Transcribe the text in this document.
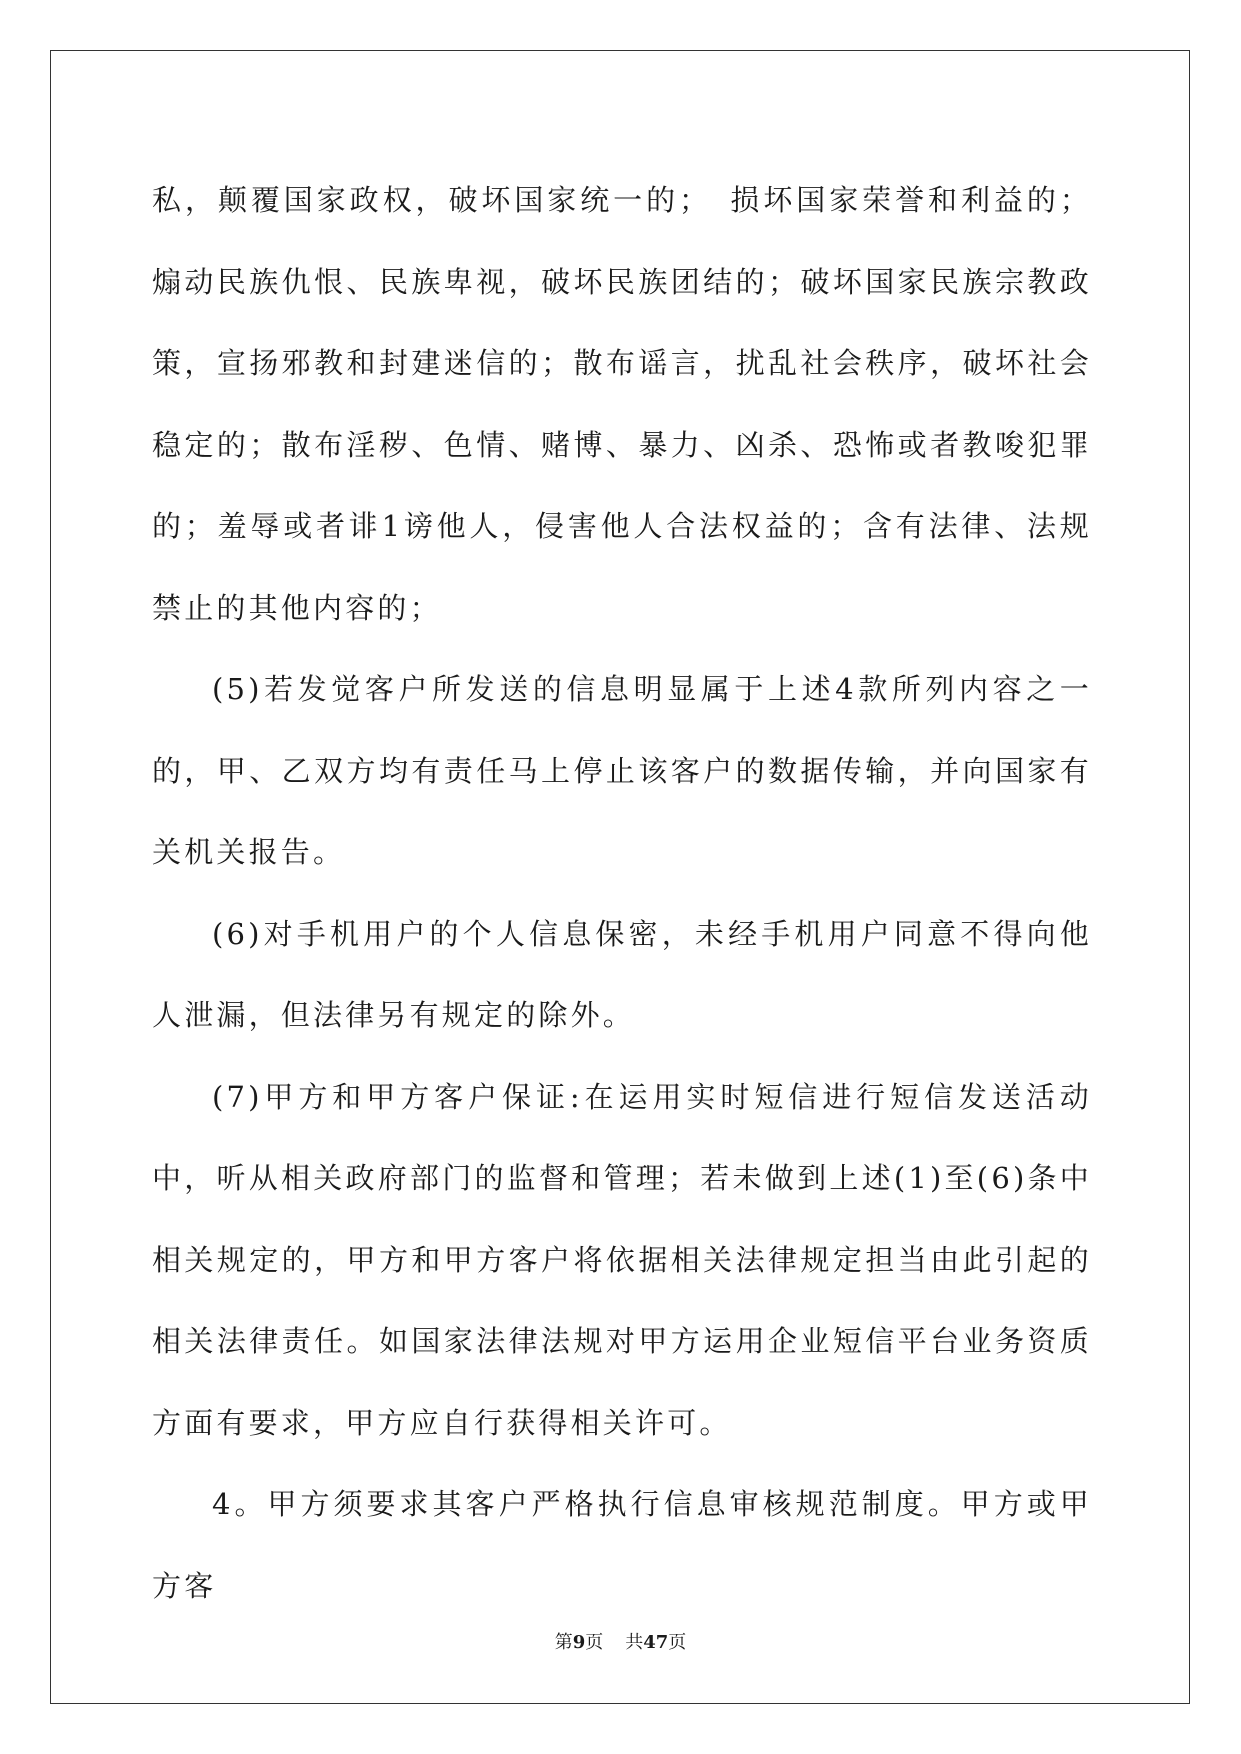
私，颠覆国家政权，破坏国家统一的；　损坏国家荣誉和利益的；煽动民族仇恨、民族卑视，破坏民族团结的；破坏国家民族宗教政策，宣扬邪教和封建迷信的；散布谣言，扰乱社会秩序，破坏社会稳定的；散布淫秽、色情、赌博、暴力、凶杀、恐怖或者教唆犯罪的；羞辱或者诽1谤他人，侵害他人合法权益的；含有法律、法规禁止的其他内容的；

(5)若发觉客户所发送的信息明显属于上述4款所列内容之一的，甲、乙双方均有责任马上停止该客户的数据传输，并向国家有关机关报告。

(6)对手机用户的个人信息保密，未经手机用户同意不得向他人泄漏，但法律另有规定的除外。

(7)甲方和甲方客户保证:在运用实时短信进行短信发送活动中，听从相关政府部门的监督和管理；若未做到上述(1)至(6)条中相关规定的，甲方和甲方客户将依据相关法律规定担当由此引起的相关法律责任。如国家法律法规对甲方运用企业短信平台业务资质方面有要求，甲方应自行获得相关许可。

4。甲方须要求其客户严格执行信息审核规范制度。甲方或甲方客

第9页 共47页
